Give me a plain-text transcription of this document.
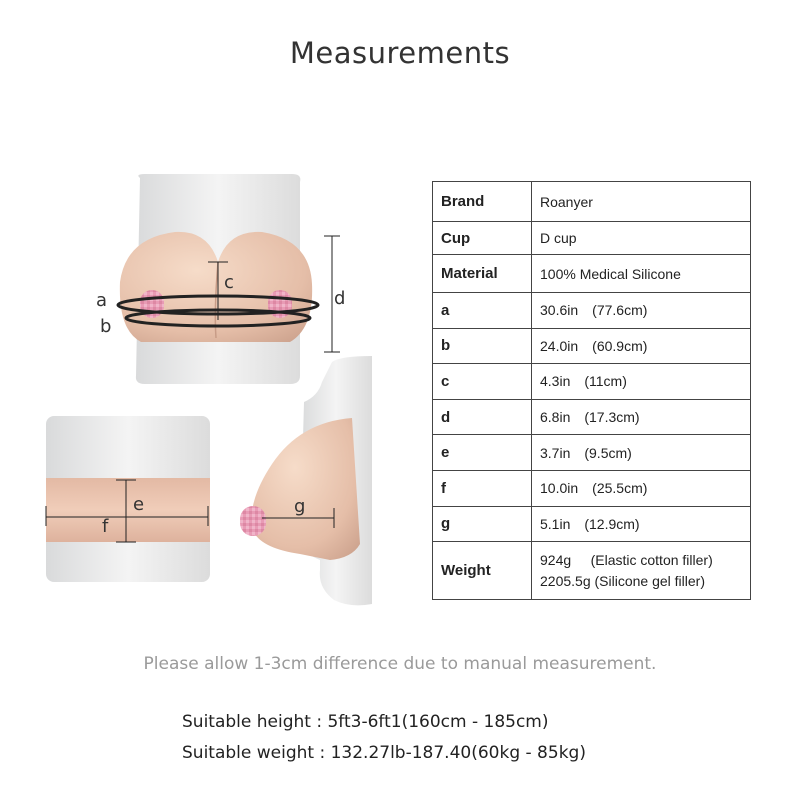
Measurements
a
b
c
d
e
f
g
Brand	Roanyer
Cup	D cup
Material	100% Medical Silicone
a	30.6in (77.6cm)
b	24.0in (60.9cm)
c	4.3in (11cm)
d	6.8in (17.3cm)
e	3.7in (9.5cm)
f	10.0in (25.5cm)
g	5.1in (12.9cm)
Weight	924g     (Elastic cotton filler)
2205.5g (Silicone gel filler)
Please allow 1-3cm difference due to manual measurement.
Suitable height : 5ft3-6ft1(160cm - 185cm)
Suitable weight : 132.27lb-187.40(60kg - 85kg)
